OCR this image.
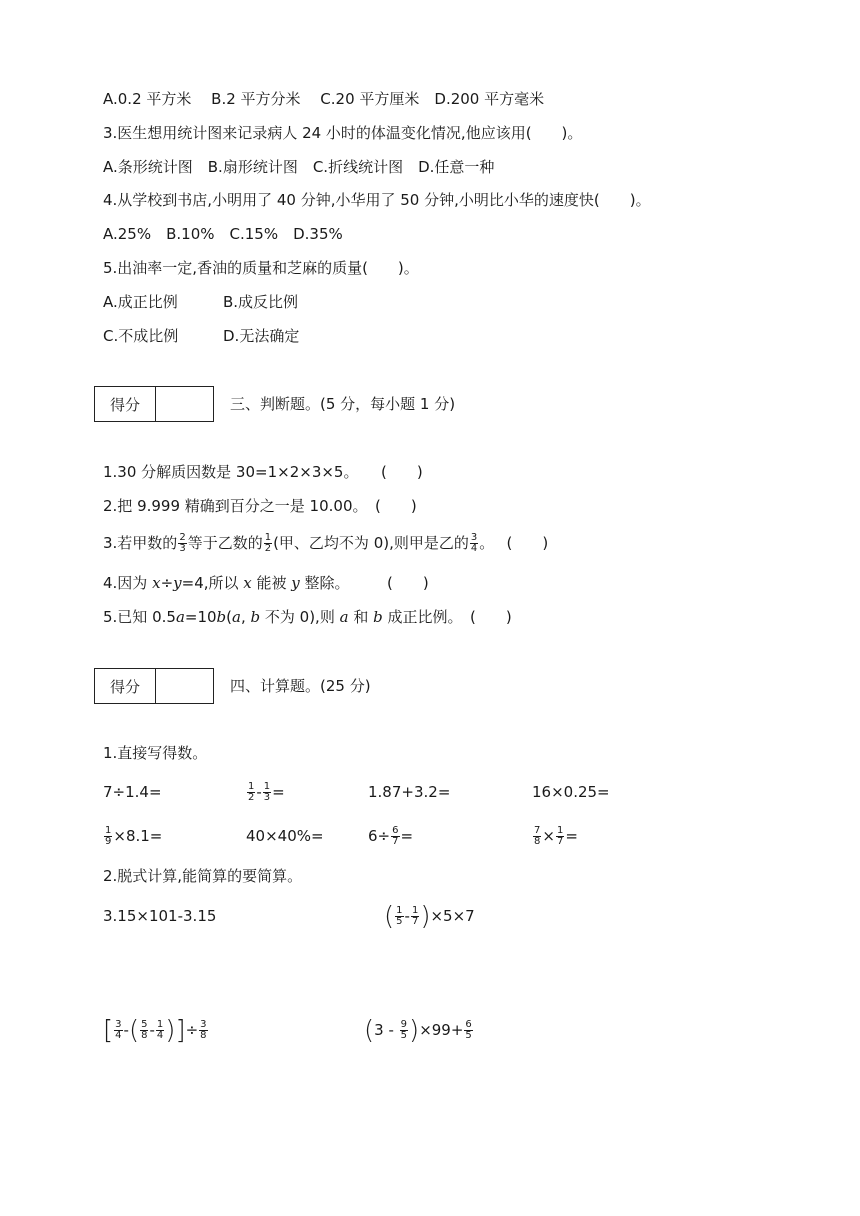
A.0.2 平方米　 B.2 平方分米　 C.20 平方厘米　D.200 平方毫米
3.医生想用统计图来记录病人 24 小时的体温变化情况,他应该用(　　)。
A.条形统计图　B.扇形统计图　C.折线统计图　D.任意一种
4.从学校到书店,小明用了 40 分钟,小华用了 50 分钟,小明比小华的速度快(　　)。
A.25%　B.10%　C.15%　D.35%
5.出油率一定,香油的质量和芝麻的质量(　　)。
A.成正比例	B.成反比例
C.不成比例	D.无法确定
得分	三、判断题。(5 分，每小题 1 分)
1.30 分解质因数是 30=1×2×3×5。　　(　　)
2.把 9.999 精确到百分之一是 10.00。　(　　)
3.若甲数的 $\frac{2}{3}$ 等于乙数的 $\frac{1}{2}$ (甲、乙均不为 0),则甲是乙的 $\frac{3}{4}$ 。　 (　　)
4.因为 x÷y=4,所以 x 能被 y 整除。　　　(　　)
5.已知 0.5a=10b(a, b 不为 0),则 a 和 b 成正比例。　(　　)
得分	四、计算题。(25 分)
1.直接写得数。
7÷1.4=	$\frac{1}{2} - \frac{1}{3}$ =	1.87+3.2=	16×0.25=
$\frac{1}{9} \times 8.1=$	40×40%=	$6\div \frac{6}{7}$ =	$\frac{7}{8} \times \frac{1}{7}$ =
2.脱式计算,能简算的要简算。
3.15×101-3.15	( $\frac{1}{5} - \frac{1}{7} )\times 5\times 7$
[ $\frac{3}{4}$ -( $\frac{5}{8} - \frac{1}{4}$ )]÷ $\frac{3}{8}$	$(3 - \frac{9}{5} )\times 99+ \frac{6}{5}$
